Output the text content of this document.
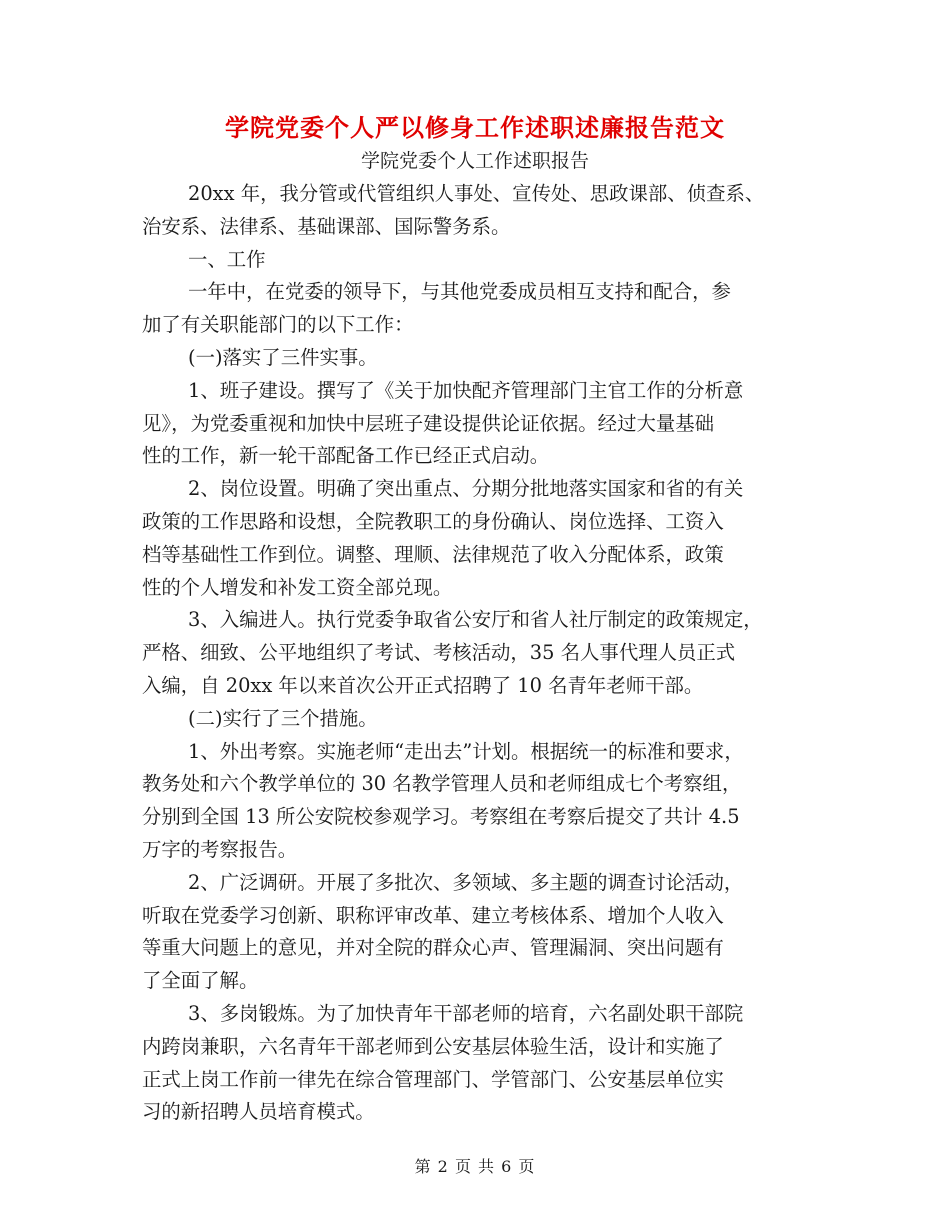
学院党委个人严以修身工作述职述廉报告范文
学院党委个人工作述职报告
20xx 年，我分管或代管组织人事处、宣传处、思政课部、侦查系、
治安系、法律系、基础课部、国际警务系。
一、工作
一年中，在党委的领导下，与其他党委成员相互支持和配合，参
加了有关职能部门的以下工作：
(一)落实了三件实事。
1、班子建设。撰写了《关于加快配齐管理部门主官工作的分析意
见》，为党委重视和加快中层班子建设提供论证依据。经过大量基础
性的工作，新一轮干部配备工作已经正式启动。
2、岗位设置。明确了突出重点、分期分批地落实国家和省的有关
政策的工作思路和设想，全院教职工的身份确认、岗位选择、工资入
档等基础性工作到位。调整、理顺、法律规范了收入分配体系，政策
性的个人增发和补发工资全部兑现。
3、入编进人。执行党委争取省公安厅和省人社厅制定的政策规定，
严格、细致、公平地组织了考试、考核活动，35 名人事代理人员正式
入编，自 20xx 年以来首次公开正式招聘了 10 名青年老师干部。
(二)实行了三个措施。
1、外出考察。实施老师“走出去”计划。根据统一的标准和要求，
教务处和六个教学单位的 30 名教学管理人员和老师组成七个考察组，
分别到全国 13 所公安院校参观学习。考察组在考察后提交了共计 4.5
万字的考察报告。
2、广泛调研。开展了多批次、多领域、多主题的调查讨论活动，
听取在党委学习创新、职称评审改革、建立考核体系、增加个人收入
等重大问题上的意见，并对全院的群众心声、管理漏洞、突出问题有
了全面了解。
3、多岗锻炼。为了加快青年干部老师的培育，六名副处职干部院
内跨岗兼职，六名青年干部老师到公安基层体验生活，设计和实施了
正式上岗工作前一律先在综合管理部门、学管部门、公安基层单位实
习的新招聘人员培育模式。
第 2 页 共 6 页
